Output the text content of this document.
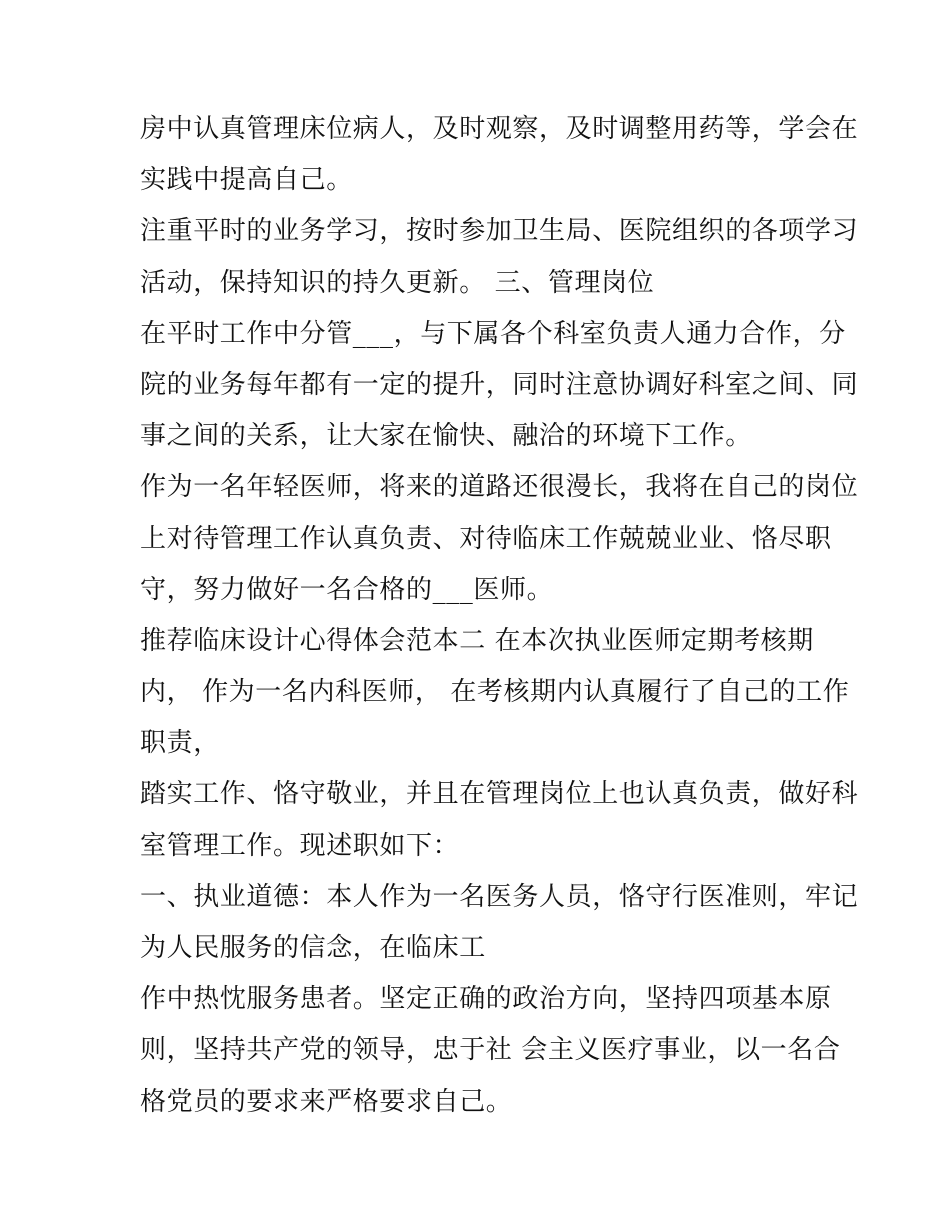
房中认真管理床位病人，及时观察，及时调整用药等，学会在
实践中提高自己。
注重平时的业务学习，按时参加卫生局、医院组织的各项学习
活动，保持知识的持久更新。 三、管理岗位
在平时工作中分管___，与下属各个科室负责人通力合作，分
院的业务每年都有一定的提升，同时注意协调好科室之间、同
事之间的关系，让大家在愉快、融洽的环境下工作。
作为一名年轻医师，将来的道路还很漫长，我将在自己的岗位
上对待管理工作认真负责、对待临床工作兢兢业业、恪尽职
守，努力做好一名合格的___医师。
推荐临床设计心得体会范本二 在本次执业医师定期考核期
内， 作为一名内科医师， 在考核期内认真履行了自己的工作
职责，
踏实工作、恪守敬业，并且在管理岗位上也认真负责，做好科
室管理工作。现述职如下：
一、执业道德：本人作为一名医务人员，恪守行医准则，牢记
为人民服务的信念，在临床工
作中热忱服务患者。坚定正确的政治方向，坚持四项基本原
则，坚持共产党的领导，忠于社 会主义医疗事业，以一名合
格党员的要求来严格要求自己。
